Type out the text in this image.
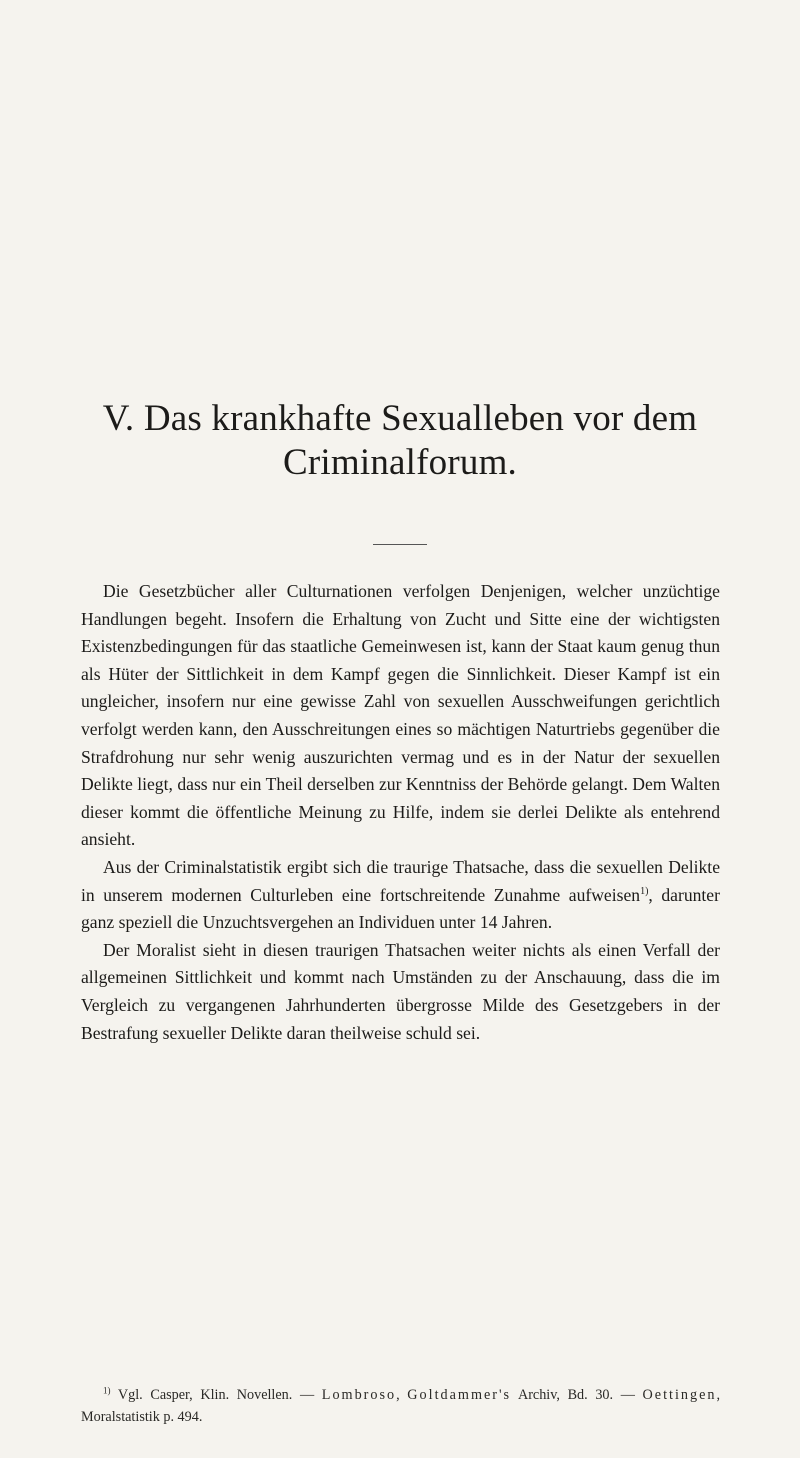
V. Das krankhafte Sexualleben vor dem
Criminalforum.

Die Gesetzbücher aller Culturnationen verfolgen Denjenigen, welcher unzüchtige Handlungen begeht. Insofern die Erhaltung von Zucht und Sitte eine der wichtigsten Existenzbedingungen für das staatliche Gemeinwesen ist, kann der Staat kaum genug thun als Hüter der Sittlichkeit in dem Kampf gegen die Sinnlichkeit. Dieser Kampf ist ein ungleicher, insofern nur eine gewisse Zahl von sexuellen Ausschweifungen gerichtlich verfolgt werden kann, den Ausschreitungen eines so mächtigen Naturtriebs gegenüber die Strafdrohung nur sehr wenig auszurichten vermag und es in der Natur der sexuellen Delikte liegt, dass nur ein Theil derselben zur Kenntniss der Behörde gelangt. Dem Walten dieser kommt die öffentliche Meinung zu Hilfe, indem sie derlei Delikte als entehrend ansieht.

Aus der Criminalstatistik ergibt sich die traurige Thatsache, dass die sexuellen Delikte in unserem modernen Culturleben eine fortschreitende Zunahme aufweisen$^{1)}$, darunter ganz speziell die Unzuchtsvergehen an Individuen unter 14 Jahren.

Der Moralist sieht in diesen traurigen Thatsachen weiter nichts als einen Verfall der allgemeinen Sittlichkeit und kommt nach Umständen zu der Anschauung, dass die im Vergleich zu vergangenen Jahrhunderten übergrosse Milde des Gesetzgebers in der Bestrafung sexueller Delikte daran theilweise schuld sei.

$^{1)}$ Vgl. Casper, Klin. Novellen. — Lombroso, Goltdammer's Archiv, Bd. 30. — Oettingen, Moralstatistik p. 494.
